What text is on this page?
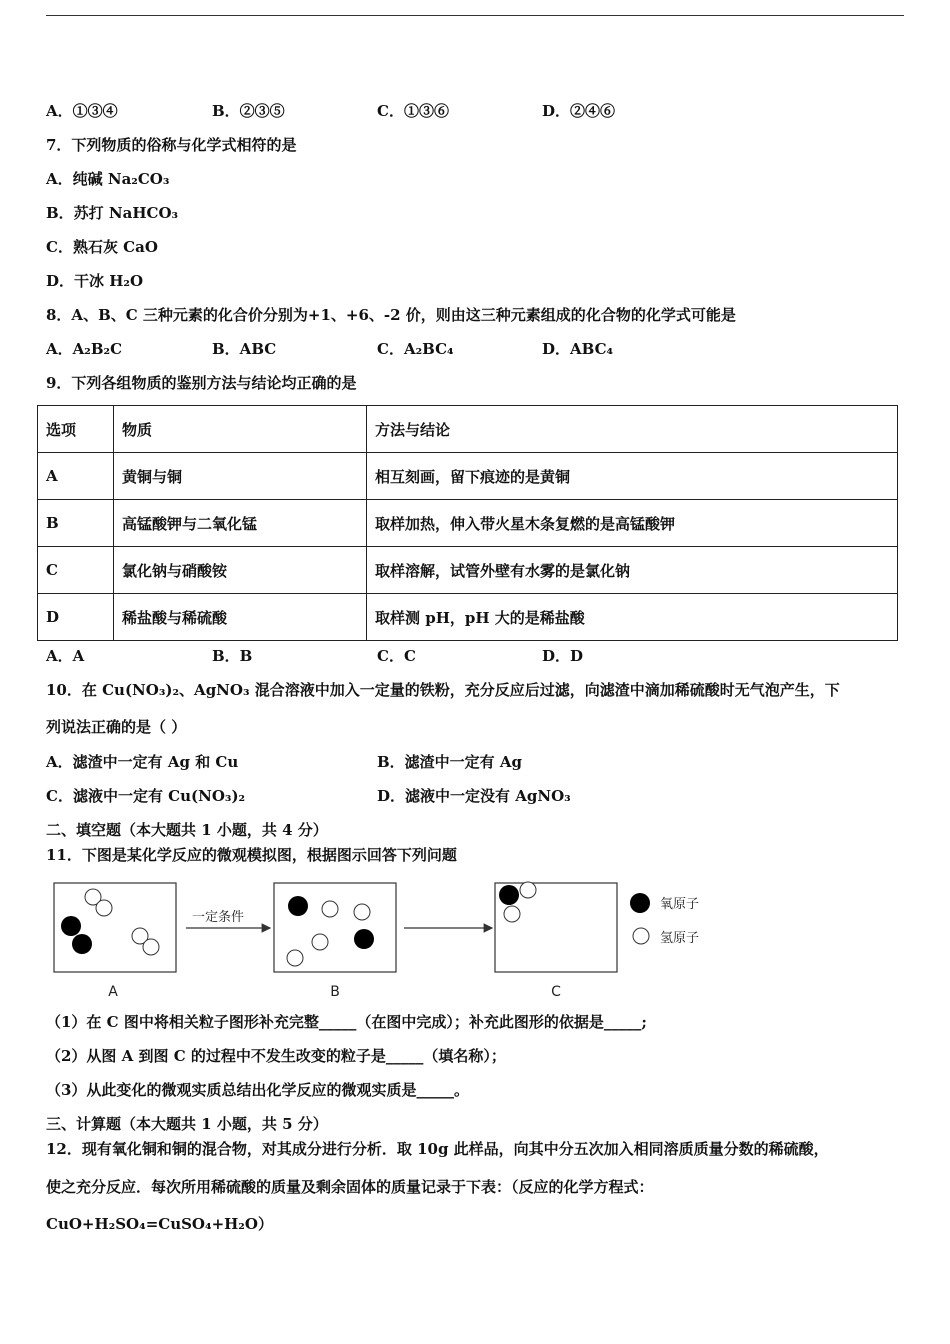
A．①③④	B．②③⑤	C．①③⑥	D．②④⑥
7．下列物质的俗称与化学式相符的是
A．纯碱 Na₂CO₃
B．苏打 NaHCO₃
C．熟石灰 CaO
D．干冰 H₂O
8．A、B、C 三种元素的化合价分别为+1、+6、-2 价，则由这三种元素组成的化合物的化学式可能是
A．A₂B₂C	B．ABC	C．A₂BC₄	D．ABC₄
9．下列各组物质的鉴别方法与结论均正确的是
选项	物质	方法与结论
A	黄铜与铜	相互刻画，留下痕迹的是黄铜
B	高锰酸钾与二氧化锰	取样加热，伸入带火星木条复燃的是高锰酸钾
C	氯化钠与硝酸铵	取样溶解，试管外壁有水雾的是氯化钠
D	稀盐酸与稀硫酸	取样测 pH，pH 大的是稀盐酸
A．A	B．B	C．C	D．D
10．在 Cu(NO₃)₂、AgNO₃ 混合溶液中加入一定量的铁粉，充分反应后过滤，向滤渣中滴加稀硫酸时无气泡产生，下
列说法正确的是（ ）
A．滤渣中一定有 Ag 和 Cu	B．滤渣中一定有 Ag
C．滤液中一定有 Cu(NO₃)₂	D．滤液中一定没有 AgNO₃
二、填空题（本大题共 1 小题，共 4 分）
11．下图是某化学反应的微观模拟图，根据图示回答下列问题
一定条件
氧原子
氢原子
A	B	C
（1）在 C 图中将相关粒子图形补充完整_____（在图中完成）；补充此图形的依据是_____;
（2）从图 A 到图 C 的过程中不发生改变的粒子是_____（填名称）；
（3）从此变化的微观实质总结出化学反应的微观实质是_____。
三、计算题（本大题共 1 小题，共 5 分）
12．现有氧化铜和铜的混合物，对其成分进行分析．取 10g 此样品，向其中分五次加入相同溶质质量分数的稀硫酸，
使之充分反应．每次所用稀硫酸的质量及剩余固体的质量记录于下表：（反应的化学方程式：
CuO+H₂SO₄=CuSO₄+H₂O）
